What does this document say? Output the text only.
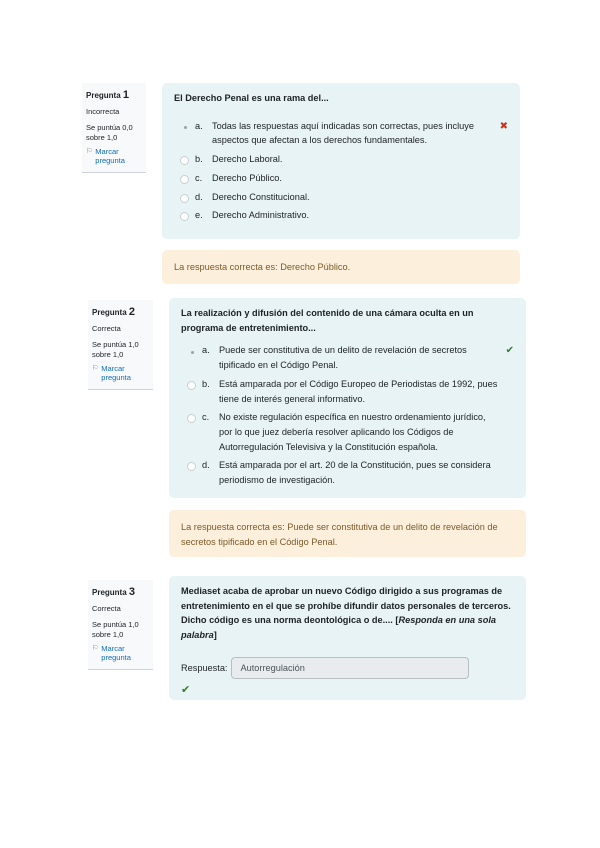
Pregunta 1
Incorrecta
Se puntúa 0,0 sobre 1,0
⚐ Marcar pregunta
El Derecho Penal es una rama del...
a.	Todas las respuestas aquí indicadas son correctas, pues incluye aspectos que afectan a los derechos fundamentales.
✖
b.	Derecho Laboral.
c.	Derecho Público.
d.	Derecho Constitucional.
e.	Derecho Administrativo.
La respuesta correcta es: Derecho Público.
Pregunta 2
Correcta
Se puntúa 1,0 sobre 1,0
⚐ Marcar pregunta
La realización y difusión del contenido de una cámara oculta en un programa de entretenimiento...
a.	Puede ser constitutiva de un delito de revelación de secretos tipificado en el Código Penal.
✔
b.	Está amparada por el Código Europeo de Periodistas de 1992, pues tiene de interés general informativo.
c.	No existe regulación específica en nuestro ordenamiento jurídico, por lo que juez debería resolver aplicando los Códigos de Autorregulación Televisiva y la Constitución española.
d.	Está amparada por el art. 20 de la Constitución, pues se considera periodismo de investigación.
La respuesta correcta es: Puede ser constitutiva de un delito de revelación de secretos tipificado en el Código Penal.
Pregunta 3
Correcta
Se puntúa 1,0 sobre 1,0
⚐ Marcar pregunta
Mediaset acaba de aprobar un nuevo Código dirigido a sus programas de entretenimiento en el que se prohíbe difundir datos personales de terceros. Dicho código es una norma deontológica o de.... [Responda en una sola palabra]
Respuesta:
Autorregulación
✔
